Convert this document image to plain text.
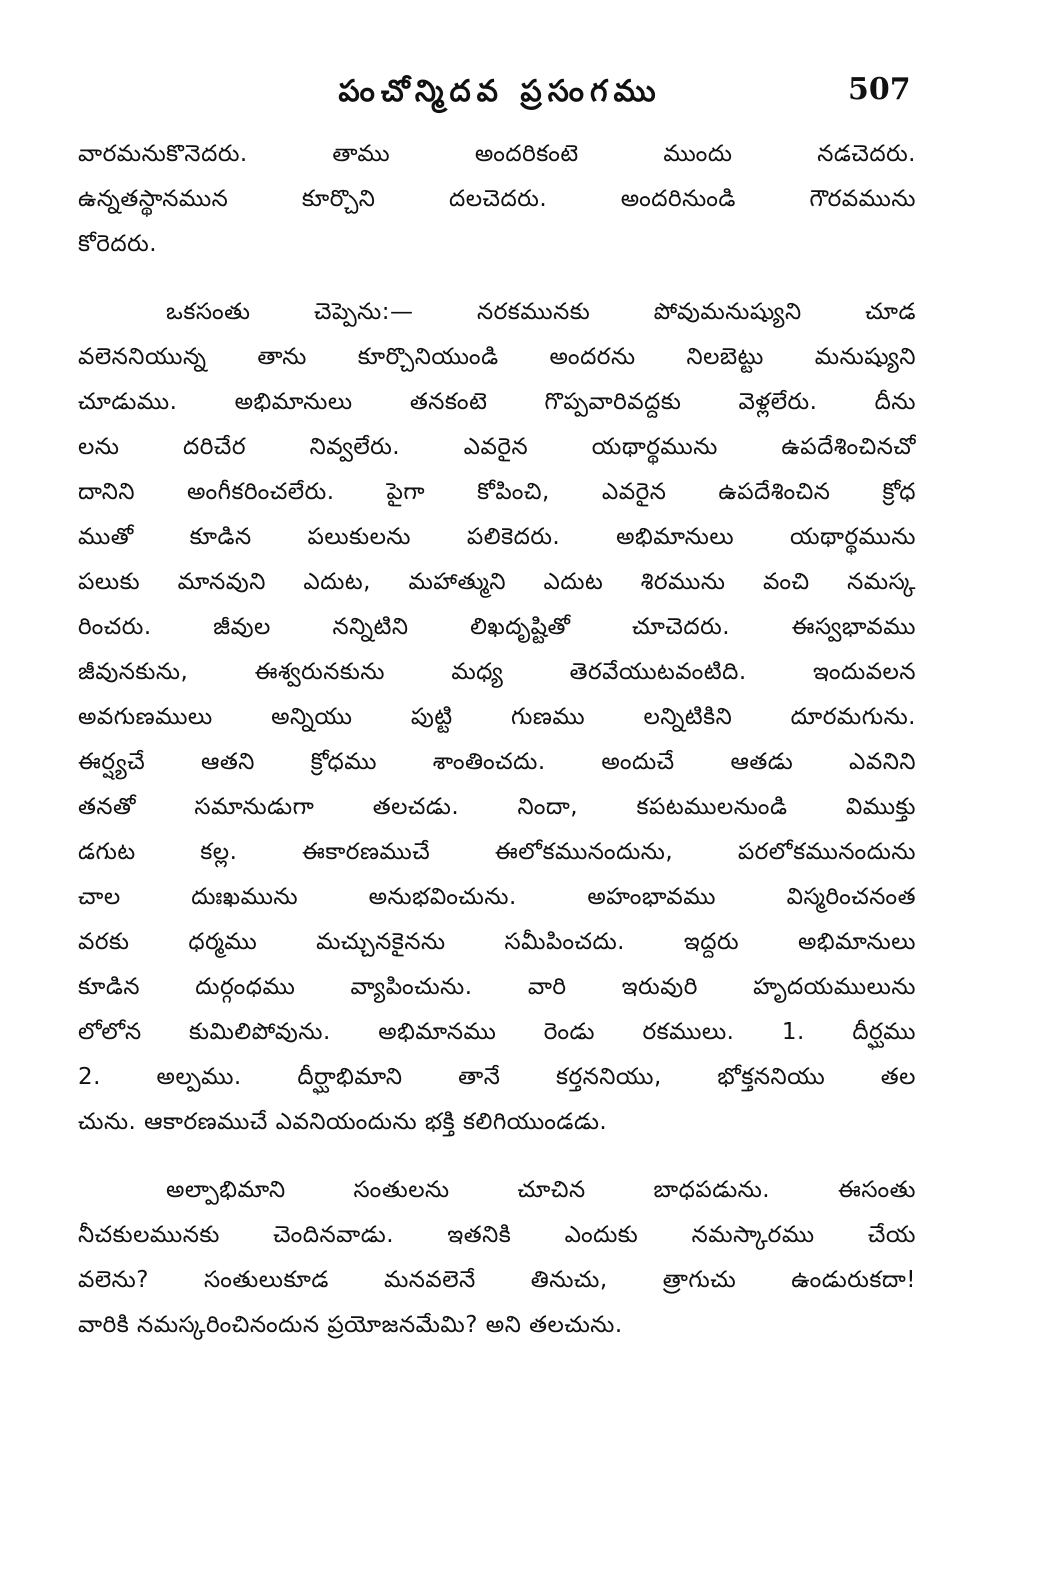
పంచోన్మిదవ ప్రసంగము	507
వారమనుకొనెదరు. తాము అందరికంటె ముందు నడచెదరు.
ఉన్నతస్థానమున కూర్చొని దలచెదరు. అందరినుండి గౌరవమును
కోరెదరు.
ఒకసంతు చెప్పెను:— నరకమునకు పోవుమనుష్యుని చూడ
వలెననియున్న తాను కూర్చొనియుండి అందరను నిలబెట్టు మనుష్యుని
చూడుము. అభిమానులు తనకంటె గొప్పవారివద్దకు వెళ్లలేరు. దీను
లను దరిచేర నివ్వలేరు. ఎవరైన యథార్థమును ఉపదేశించినచో
దానిని అంగీకరించలేరు. పైగా కోపించి, ఎవరైన ఉపదేశించిన క్రోధ
ముతో కూడిన పలుకులను పలికెదరు. అభిమానులు యథార్థమును
పలుకు మానవుని ఎదుట, మహాత్ముని ఎదుట శిరమును వంచి నమస్క
రించరు. జీవుల నన్నిటిని లిఖదృష్టితో చూచెదరు. ఈస్వభావము
జీవునకును, ఈశ్వరునకును మధ్య తెరవేయుటవంటిది. ఇందువలన
అవగుణములు అన్నియు పుట్టి గుణము లన్నిటికిని దూరమగును.
ఈర్ష్యచే ఆతని క్రోధము శాంతించదు. అందుచే ఆతడు ఎవనిని
తనతో సమానుడుగా తలచడు. నిందా, కపటములనుండి విముక్తు
డగుట కల్ల. ఈకారణముచే ఈలోకమునందును, పరలోకమునందును
చాల దుఃఖమును అనుభవించును. అహంభావము విస్మరించనంత
వరకు ధర్మము మచ్చునకైనను సమీపించదు. ఇద్దరు అభిమానులు
కూడిన దుర్గంధము వ్యాపించును. వారి ఇరువురి హృదయములును
లోలోన కుమిలిపోవును. అభిమానము రెండు రకములు. 1. దీర్ఘము
2. అల్పము. దీర్ఘాభిమాని తానే కర్తననియు, భోక్తననియు తల
చును. ఆకారణముచే ఎవనియందును భక్తి కలిగియుండడు.
అల్పాభిమాని సంతులను చూచిన బాధపడును. ఈసంతు
నీచకులమునకు చెందినవాడు. ఇతనికి ఎందుకు నమస్కారము చేయ
వలెను? సంతులుకూడ మనవలెనే తినుచు, త్రాగుచు ఉండురుకదా!
వారికి నమస్కరించినందున ప్రయోజనమేమి? అని తలచును.
